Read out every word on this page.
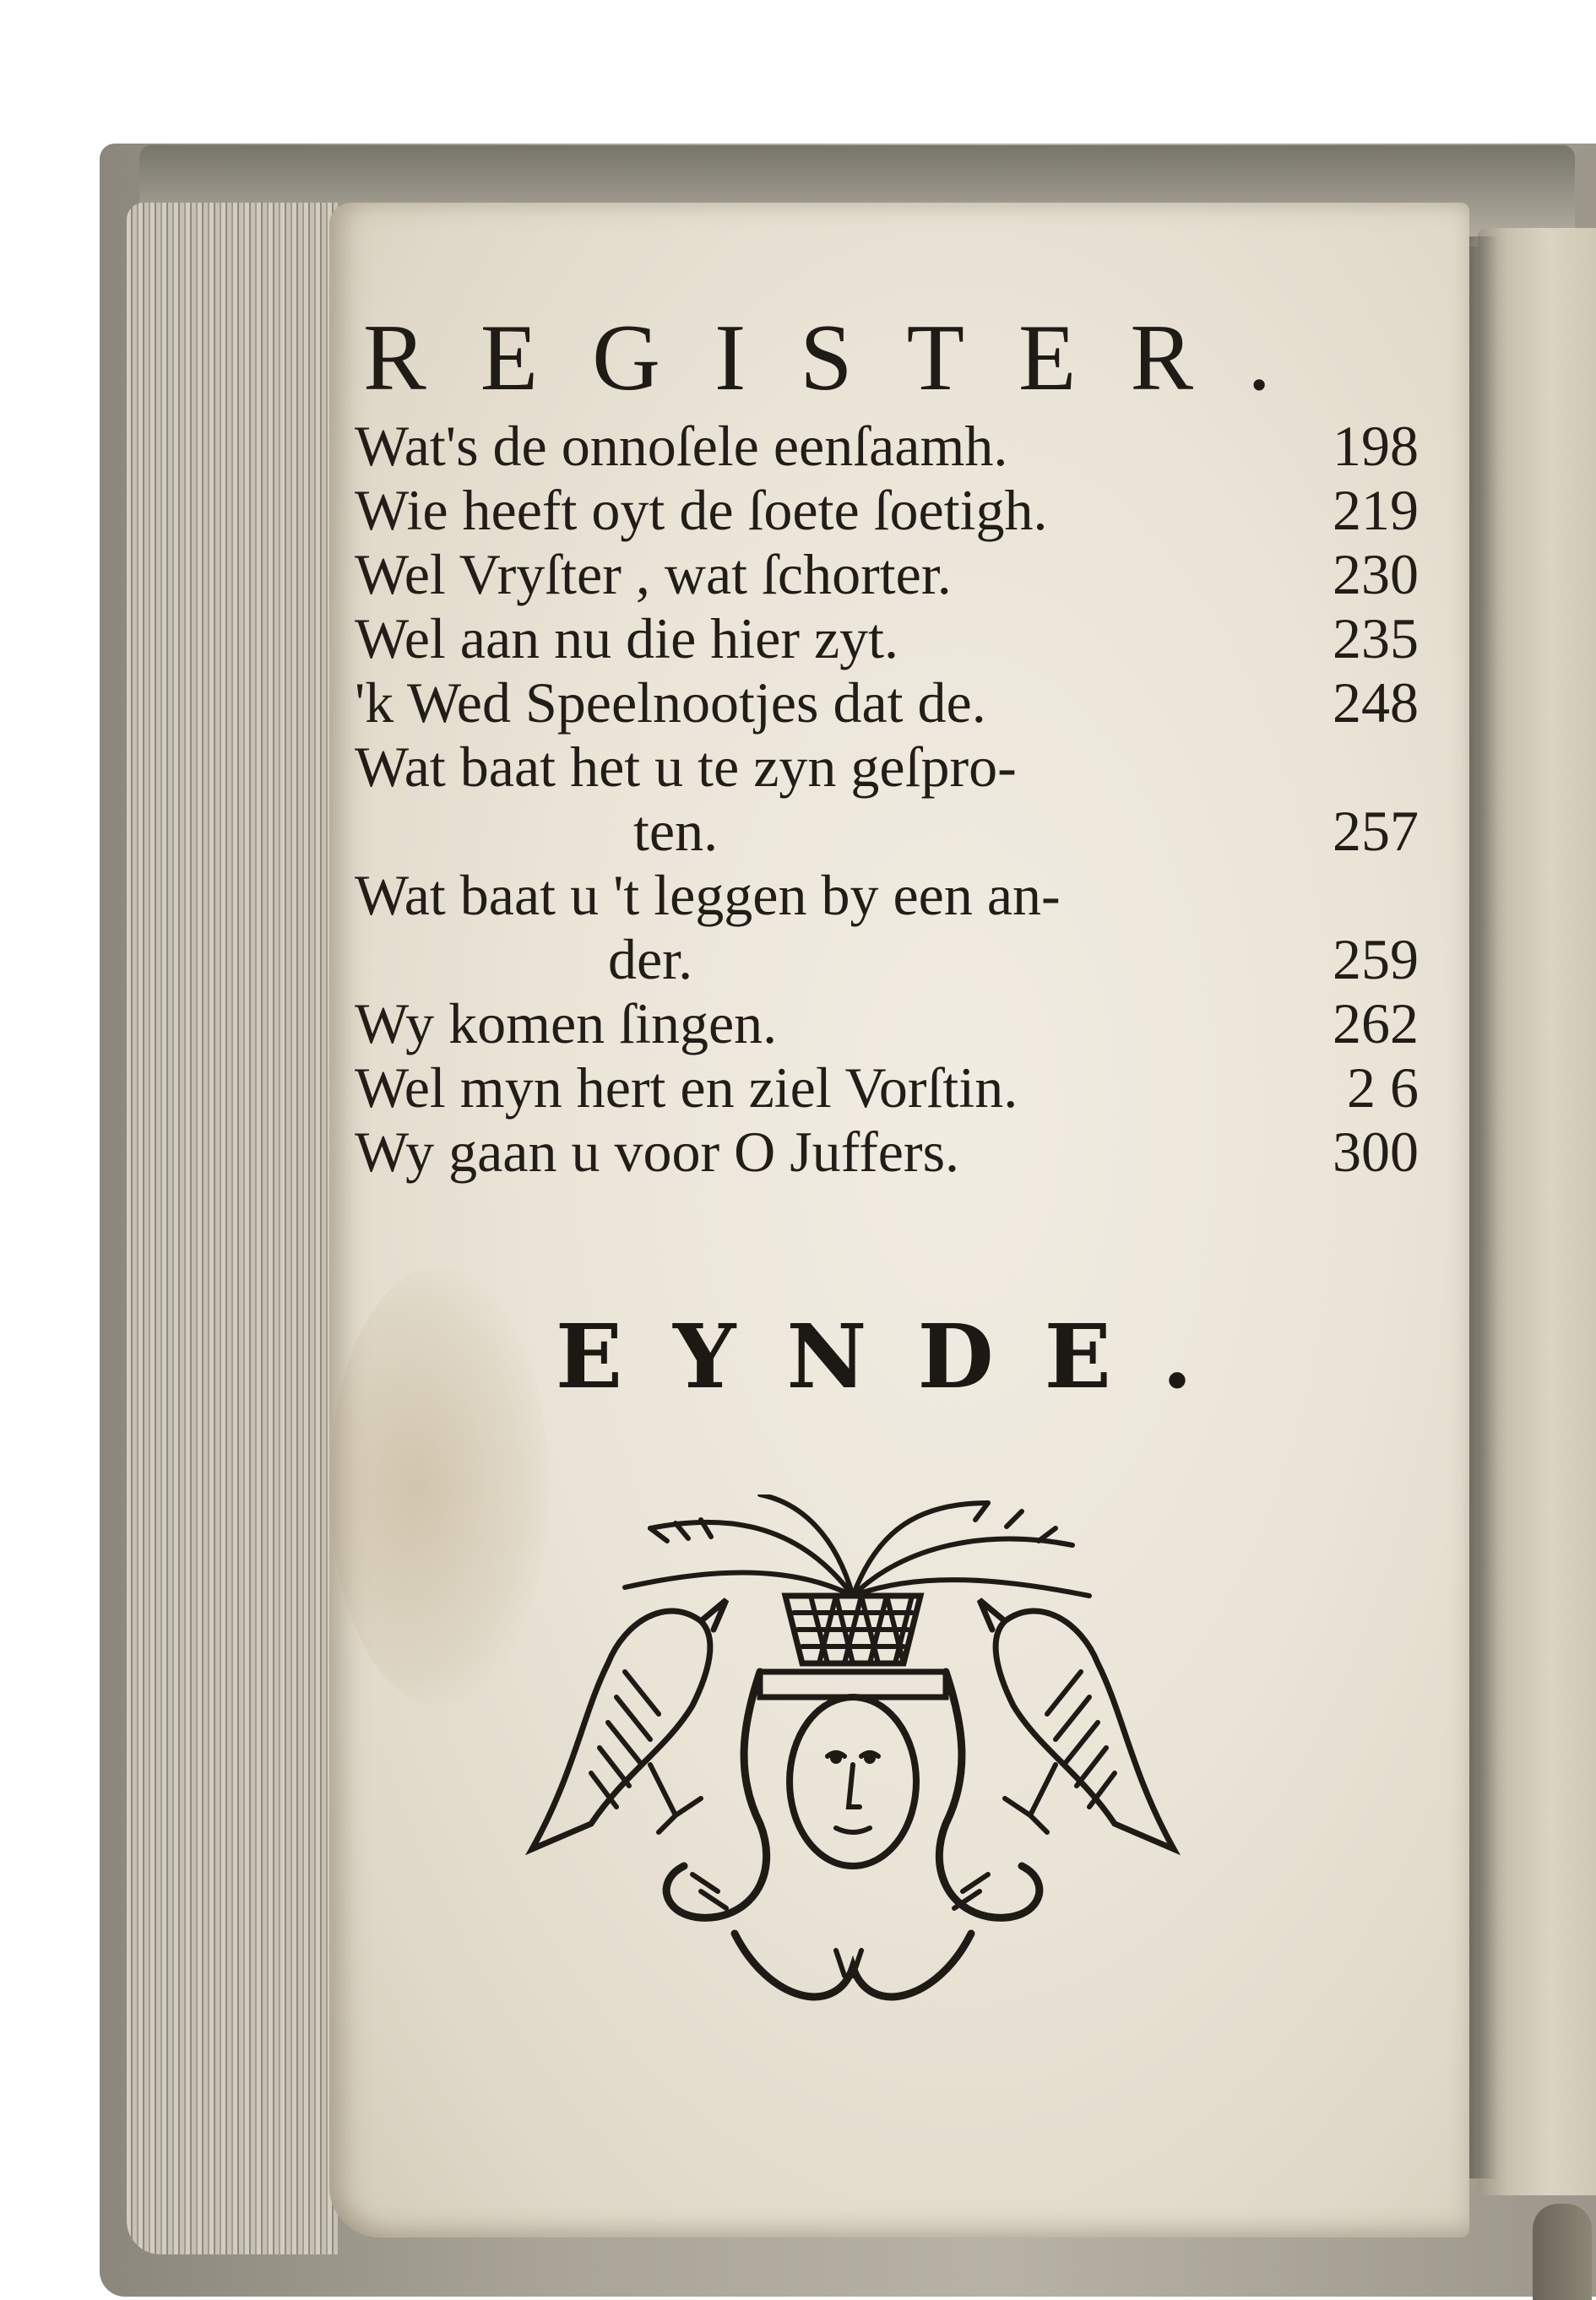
REGISTER.
Wat's de onnoſele eenſaamh.	198
Wie heeft oyt de ſoete ſoetigh.	219
Wel Vryſter , wat ſchorter.	230
Wel aan nu die hier zyt.	235
'k Wed Speelnootjes dat de.	248
Wat baat het u te zyn geſpro-
ten.	257
Wat baat u 't leggen by een an-
der.	259
Wy komen ſingen.	262
Wel myn hert en ziel Vorſtin.	2 6
Wy gaan u voor O Juffers.	300
EYNDE.
